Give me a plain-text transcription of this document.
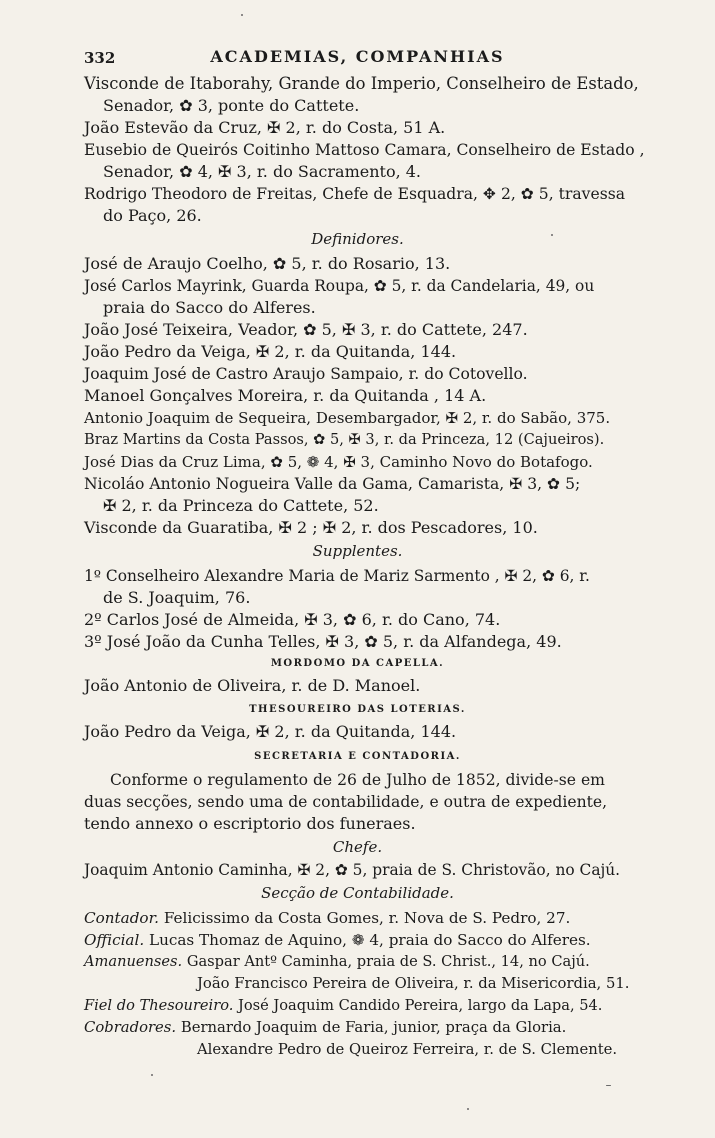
332	ACADEMIAS, COMPANHIAS
Visconde de Itaborahy, Grande do Imperio, Conselheiro de Estado,
Senador, ✿ 3, ponte do Cattete.
João Estevão da Cruz, ✠ 2, r. do Costa, 51 A.
Eusebio de Queirós Coitinho Mattoso Camara, Conselheiro de Estado ,
Senador, ✿ 4, ✠ 3, r. do Sacramento, 4.
Rodrigo Theodoro de Freitas, Chefe de Esquadra, ✥ 2, ✿ 5, travessa
do Paço, 26.
Definidores.
José de Araujo Coelho, ✿ 5, r. do Rosario, 13.
José Carlos Mayrink, Guarda Roupa, ✿ 5, r. da Candelaria, 49, ou
praia do Sacco do Alferes.
João José Teixeira, Veador, ✿ 5, ✠ 3, r. do Cattete, 247.
João Pedro da Veiga, ✠ 2, r. da Quitanda, 144.
Joaquim José de Castro Araujo Sampaio, r. do Cotovello.
Manoel Gonçalves Moreira, r. da Quitanda , 14 A.
Antonio Joaquim de Sequeira, Desembargador, ✠ 2, r. do Sabão, 375.
Braz Martins da Costa Passos, ✿ 5, ✠ 3, r. da Princeza, 12 (Cajueiros).
José Dias da Cruz Lima, ✿ 5, ❁ 4, ✠ 3, Caminho Novo do Botafogo.
Nicoláo Antonio Nogueira Valle da Gama, Camarista, ✠ 3, ✿ 5;
✠ 2, r. da Princeza do Cattete, 52.
Visconde da Guaratiba, ✠ 2 ; ✠ 2, r. dos Pescadores, 10.
Supplentes.
1º Conselheiro Alexandre Maria de Mariz Sarmento , ✠ 2, ✿ 6, r.
de S. Joaquim, 76.
2º Carlos José de Almeida, ✠ 3, ✿ 6, r. do Cano, 74.
3º José João da Cunha Telles, ✠ 3, ✿ 5, r. da Alfandega, 49.
MORDOMO DA CAPELLA.
João Antonio de Oliveira, r. de D. Manoel.
THESOUREIRO DAS LOTERIAS.
João Pedro da Veiga, ✠ 2, r. da Quitanda, 144.
SECRETARIA E CONTADORIA.
Conforme o regulamento de 26 de Julho de 1852, divide-se em
duas secções, sendo uma de contabilidade, e outra de expediente,
tendo annexo o escriptorio dos funeraes.
Chefe.
Joaquim Antonio Caminha, ✠ 2, ✿ 5, praia de S. Christovão, no Cajú.
Secção de Contabilidade.
Contador. Felicissimo da Costa Gomes, r. Nova de S. Pedro, 27.
Official. Lucas Thomaz de Aquino, ❁ 4, praia do Sacco do Alferes.
Amanuenses. Gaspar Antº Caminha, praia de S. Christ., 14, no Cajú.
João Francisco Pereira de Oliveira, r. da Misericordia, 51.
Fiel do Thesoureiro. José Joaquim Candido Pereira, largo da Lapa, 54.
Cobradores. Bernardo Joaquim de Faria, junior, praça da Gloria.
Alexandre Pedro de Queiroz Ferreira, r. de S. Clemente.
